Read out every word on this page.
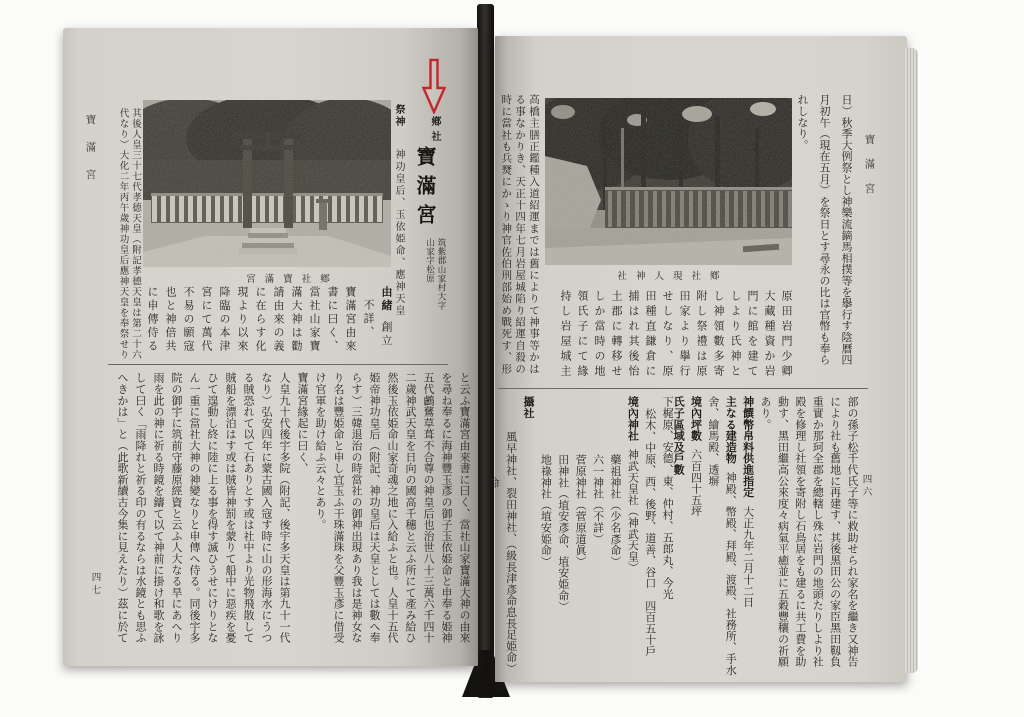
寶滿宮
四七
鄕社
寶滿宮
筑紫郡山家村大字
山家字松原
祭神 神功皇后、玉依姫命、應神天皇
鄕
社
寶
滿
宮
由緒創立
不詳、
寶滿宮由來
書に曰く、
當社山家寶
滿大神は勸
請由來の義
に在らす化
現より以來
降臨の本津
宮にて萬代
不易の願寇
也と神倍共
に申傳侍る
其後人皇三十七代孝德天皇（附記孝德天皇は第二十六
代なり）大化二年丙午歲神功皇后應神天皇を奉祭せり
と云ふ寶滿宮由來書に曰く、當社山家寶滿大神の由來
を尋ね奉るに海神豐玉彥の御子玉依姫命と申奉る姫神
五代鸕鶿草葺不合尊の神皇后也治世八十三萬六千四十
二歲神武天皇を日向の國高千穗と云ふ所にて產み給ひ
然後玉依姫命山家奇魂之地に入給ふと也。人皇十五代
姫帝神功皇后（附記、神功皇后は天皇としては數へ奉
らす）三韓退治の時當社の御神出現あり我は是神女な
り名は豐姫命と申し宜玉ふ干珠滿珠を父豐玉彥に借受
け官軍を助け給ふ云々とあり。
寶滿宮緣起に曰く、
人皇九十代後宇多院（附記、後宇多天皇は第九十一代
なり）弘安四年に蒙古國入寇す時に山の形海水にうつ
る賊恐れて以て石ありとす或は社中より光物飛散して
賊船を漂泊はす或は賊皆神罰を蒙りて船中に惡疾を憂
ひて遑動し終に陸に上る事を得す滅ひうせにけりとな
ん一重に當社大神の神變なりと申傳へ侍る。同後宇多
院の御宇に筑前守藤原經資と云ふ人大なる旱にあへり
雨を此の神に祈る時鏡を鑄て以て神前に掛け和歌を詠
して曰く「雨降れと祈る印の有るならは水鏡とも思ふ
へきかは」と（此歌新續古今集に見えたり）茲に於て
寶滿宮
四六
日）秋季大例祭とし神樂流鏑馬相撲等を擧行す陰曆四
月初午（現在五月）を祭日とす尋永の比は官幣も奉ら
れしなり。
鄕
社
現
人
神
社
原田岩門少卿
大藏種資か岩
門に館を建て
しより氏神と
し神領數多寄
附し祭禮は原
田家より擧行
せしなり、原
田種直鎌倉に
捕はれ其後怡
土郡に轉移せ
しか當時の地
領氏子にて緣
持し岩屋城主
高橋主膳正鑑種入道紹運までは舊によりて神事等かは
る事なかりき、天正十四年七月岩屋城陷り紹運自殺の
時に當社も兵燹にかゝり神官佐伯刑部始め戰死す、形
部の孫子松千代氏子等に救助せられ家名を繼き又神告
により社も舊地に再建す、其後黑田公の家臣黑田靱負
重實か那珂全郡を總轄し殊に岩門の地頭たりしより社
殿を修理し社領を寄附し石鳥居をも建るに共工費を助
動す、黑田繼高公來度々病氣平癒並に五穀豐穰の祈願
あり。
神饌幣帛料供進指定大正九年二月十二日
主なる建造物神殿、幣殿、拜殿、渡殿、社務所、手水
舍、繪馬殿、透塀
境內坪數六百四十五坪
氏子區域及戶數下梶原、安德、東、仲村、五郎丸、今光
松木、中原、西、後野、道善、谷口　四百五十戶
境內神社神武天皇社（神武天皇）
藥祖神社（少名彥命）
六一神社（不詳）
菅原神社（菅原道眞）
田神社（埴安彥命、埴安姫命）
地祿神社（埴安姫命）
攝社
風早神社、裂田神社、（級長津彥命息長足姫命）
命
